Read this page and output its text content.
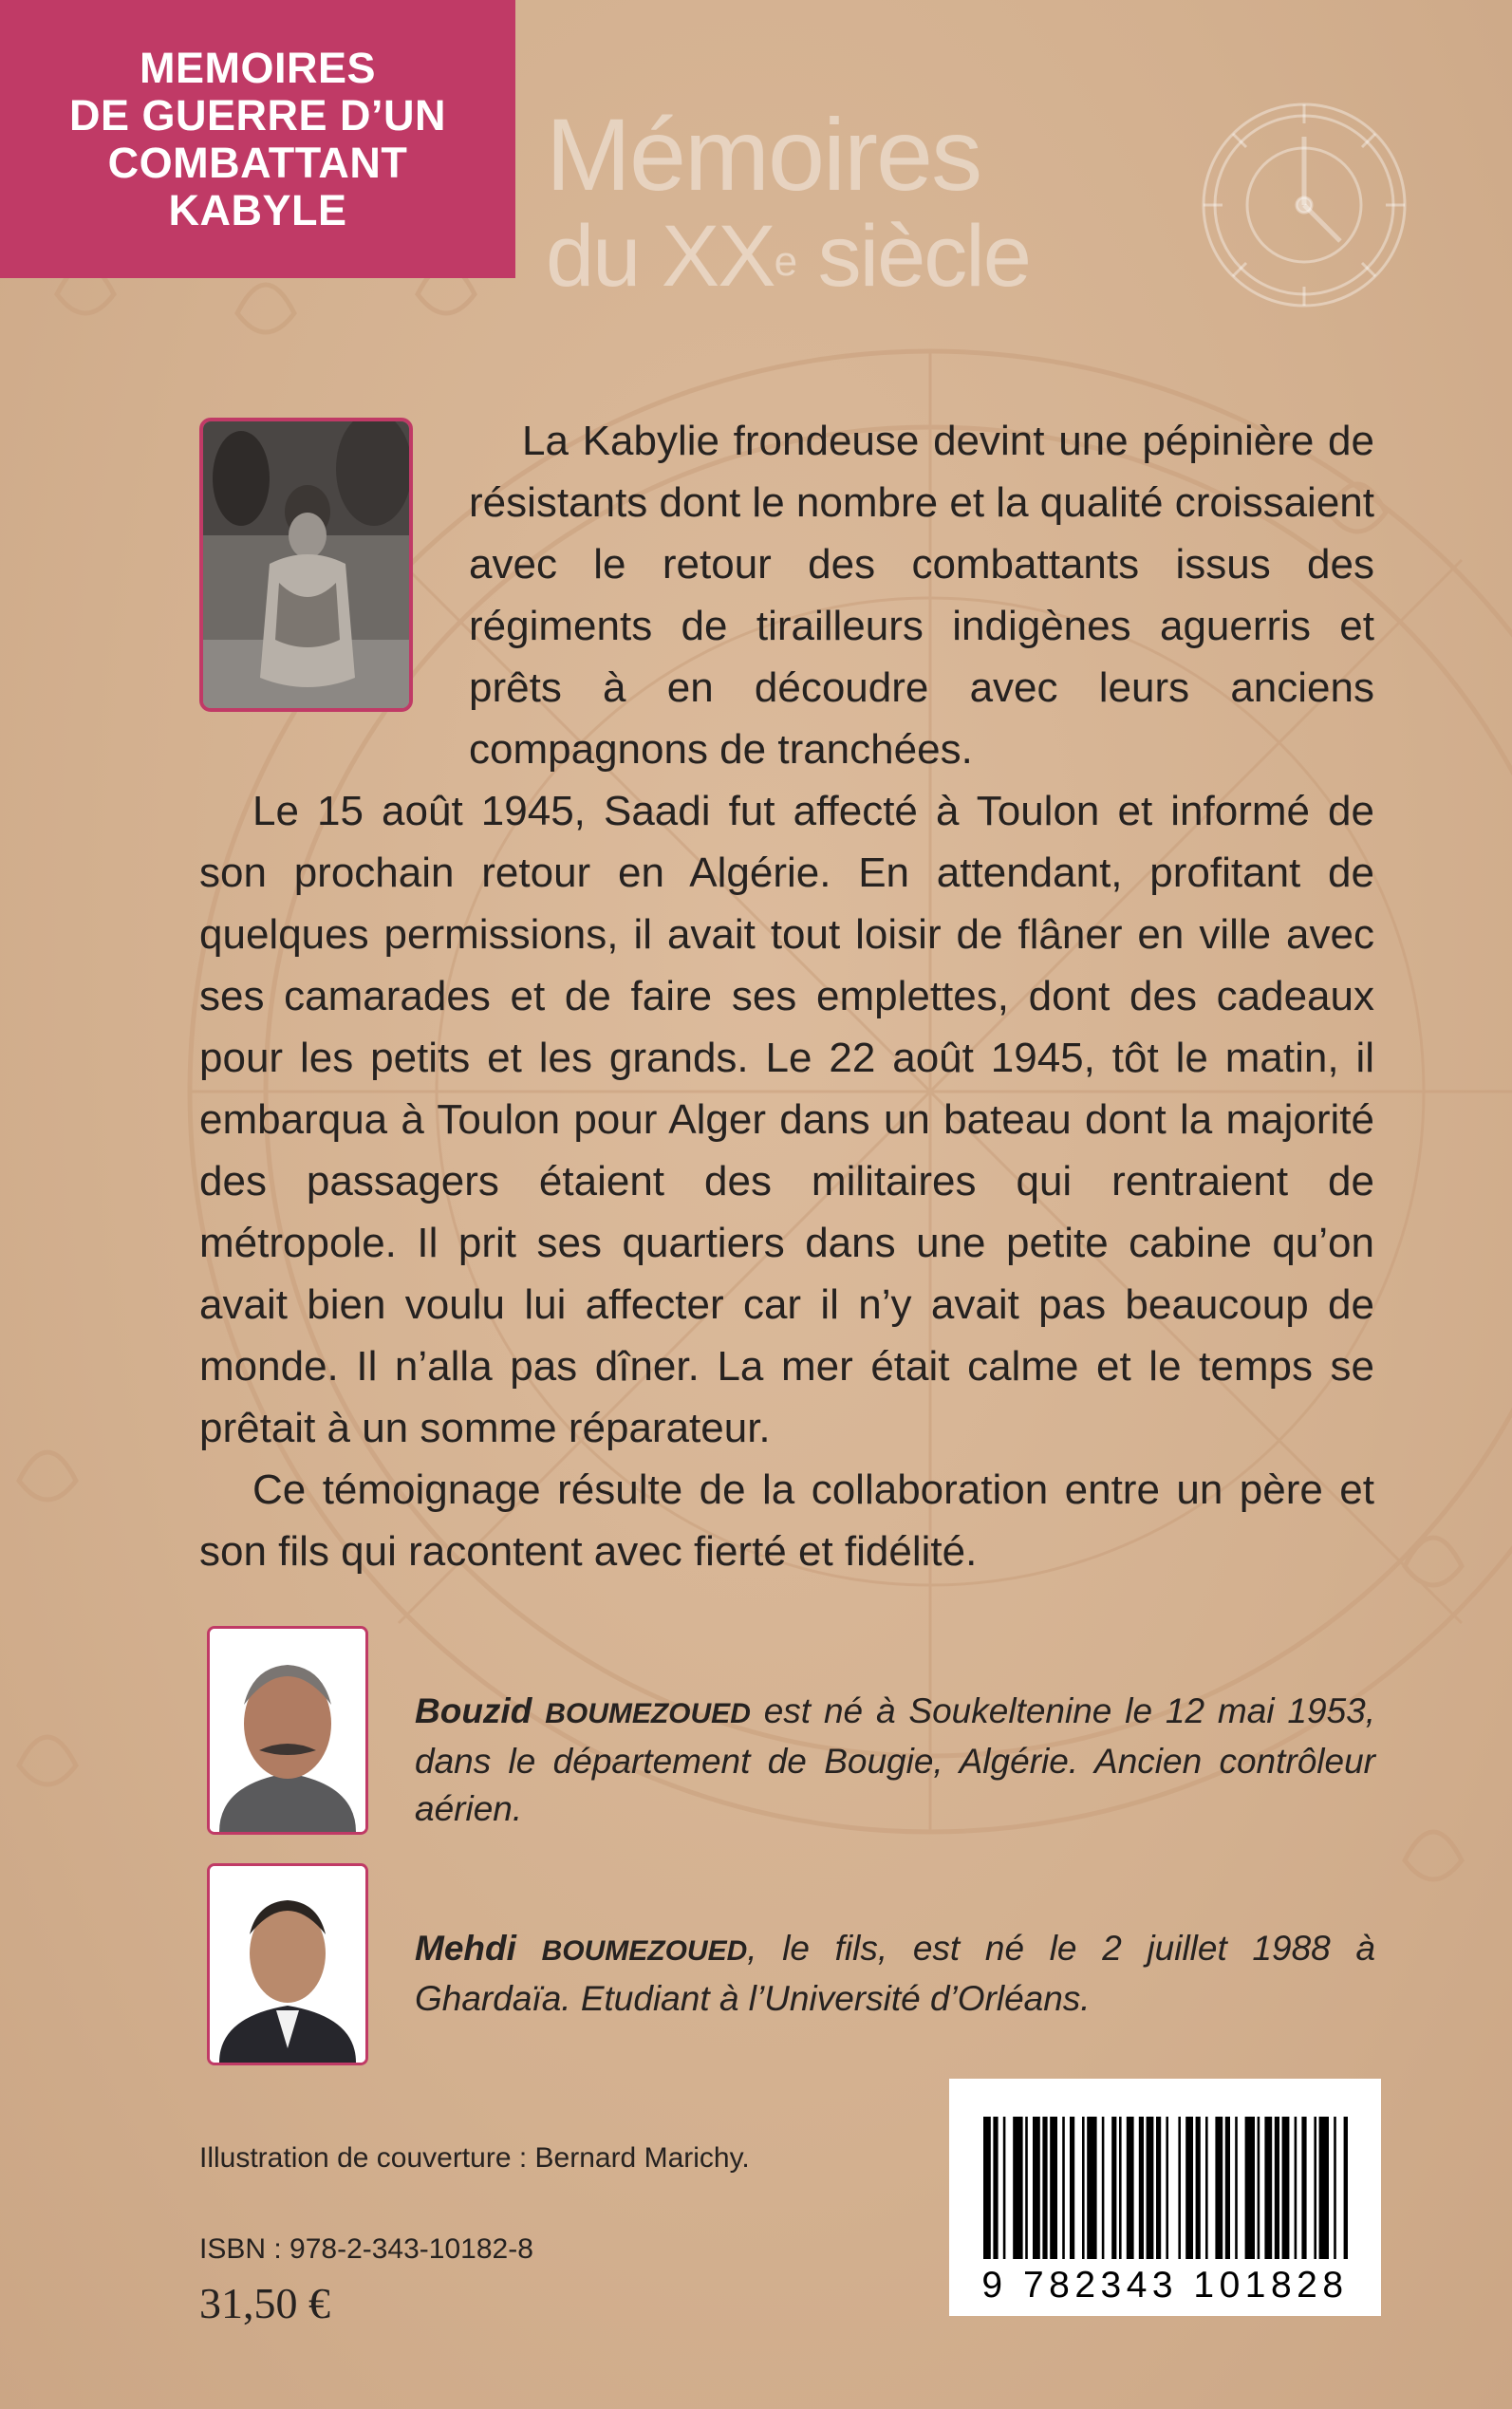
MEMOIRES
DE GUERRE D’UN
COMBATTANT
KABYLE Mémoires
du XXe siècle

La Kabylie frondeuse devint une pépinière de résistants dont le nombre et la qualité croissaient avec le retour des combattants issus des régiments de tirailleurs indigènes aguerris et prêts à en découdre avec leurs anciens compagnons de tranchées.

Le 15 août 1945, Saadi fut affecté à Toulon et informé de son prochain retour en Algérie. En attendant, profitant de quelques permissions, il avait tout loisir de flâner en ville avec ses camarades et de faire ses emplettes, dont des cadeaux pour les petits et les grands. Le 22 août 1945, tôt le matin, il embarqua à Toulon pour Alger dans un bateau dont la majorité des passagers étaient des militaires qui rentraient de métropole. Il prit ses quartiers dans une petite cabine qu’on avait bien voulu lui affecter car il n’y avait pas beaucoup de monde. Il n’alla pas dîner. La mer était calme et le temps se prêtait à un somme réparateur.

Ce témoignage résulte de la collaboration entre un père et son fils qui racontent avec fierté et fidélité.

Bouzid BOUMEZOUED est né à Soukeltenine le 12 mai 1953, dans le département de Bougie, Algérie. Ancien contrôleur aérien.
Mehdi BOUMEZOUED, le fils, est né le 2 juillet 1988 à Ghardaïa. Etudiant à l’Université d’Orléans.
Illustration de couverture : Bernard Marichy.
ISBN : 978-2-343-10182-8
31,50 €	9 782343 101828
